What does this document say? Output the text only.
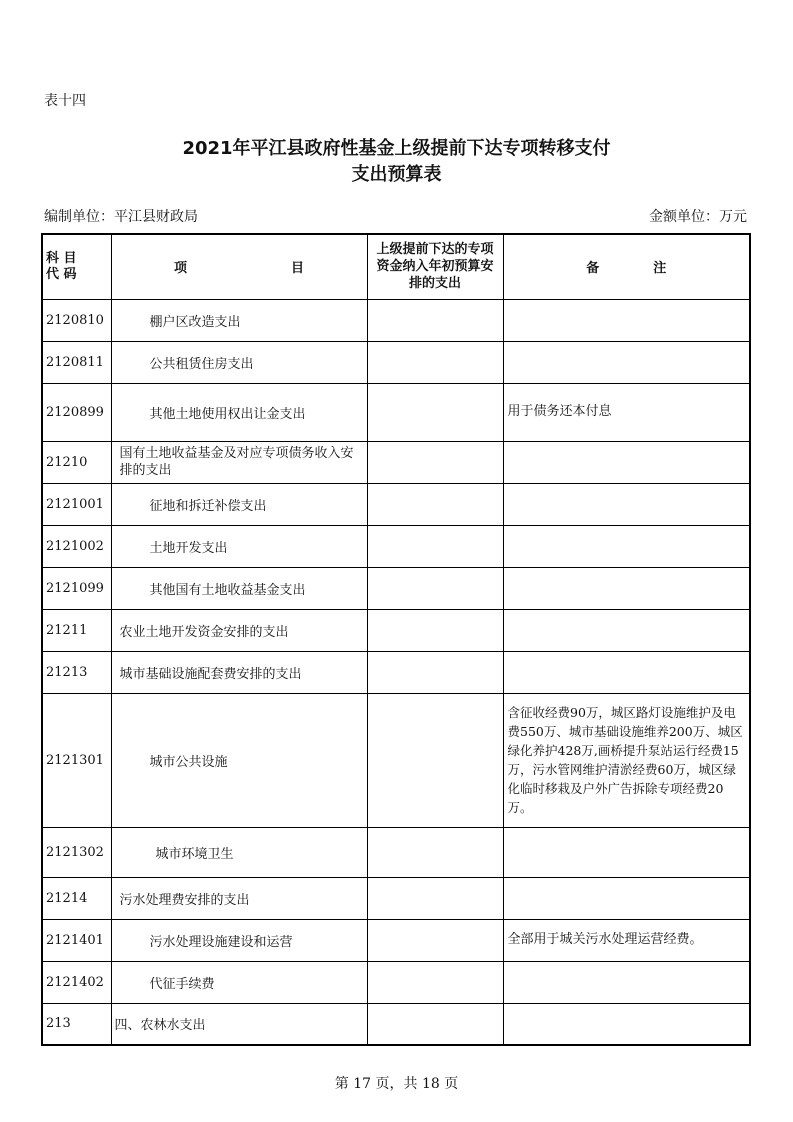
表十四
2021年平江县政府性基金上级提前下达专项转移支付
支出预算表
编制单位：平江县财政局	金额单位：万元
科 目
代 码	项 目	上级提前下达的专项资金纳入年初预算安排的支出	备 注
2120810	棚户区改造支出		
2120811	公共租赁住房支出		
2120899	其他土地使用权出让金支出		用于债务还本付息
21210	国有土地收益基金及对应专项债务收入安排的支出		
2121001	征地和拆迁补偿支出		
2121002	土地开发支出		
2121099	其他国有土地收益基金支出		
21211	农业土地开发资金安排的支出		
21213	城市基础设施配套费安排的支出		
2121301	城市公共设施		含征收经费90万，城区路灯设施维护及电费550万、城市基础设施维养200万、城区绿化养护428万,画桥提升泵站运行经费15万，污水管网维护清淤经费60万，城区绿化临时移栽及户外广告拆除专项经费20万。
2121302	城市环境卫生		
21214	污水处理费安排的支出		
2121401	污水处理设施建设和运营		全部用于城关污水处理运营经费。
2121402	代征手续费		
213	四、农林水支出		
第 17 页，共 18 页
